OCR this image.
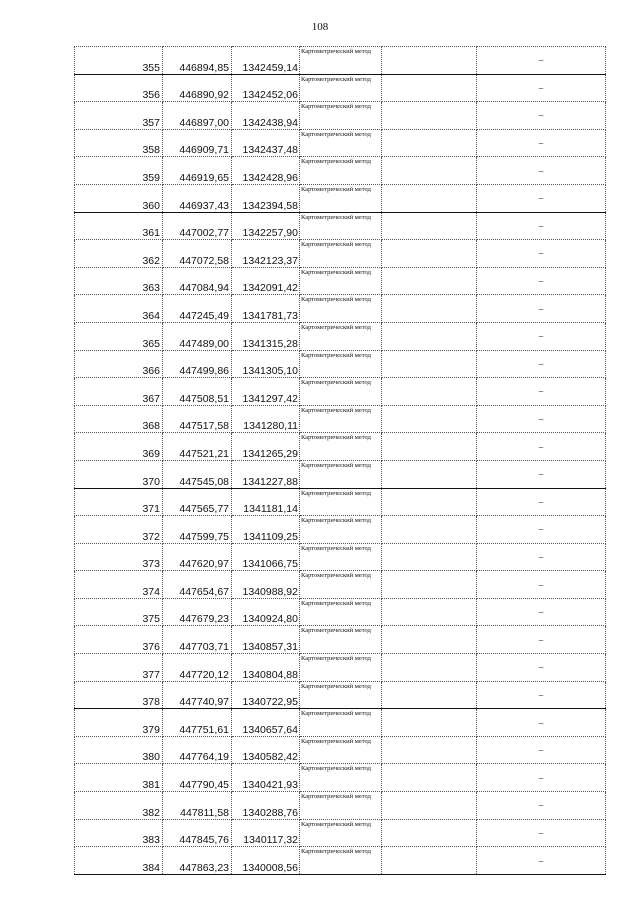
108
355	446894,85	1342459,14	Картометрический метод		–
356	446890,92	1342452,06	Картометрический метод		–
357	446897,00	1342438,94	Картометрический метод		–
358	446909,71	1342437,48	Картометрический метод		–
359	446919,65	1342428,96	Картометрический метод		–
360	446937,43	1342394,58	Картометрический метод		–
361	447002,77	1342257,90	Картометрический метод		–
362	447072,58	1342123,37	Картометрический метод		–
363	447084,94	1342091,42	Картометрический метод		–
364	447245,49	1341781,73	Картометрический метод		–
365	447489,00	1341315,28	Картометрический метод		–
366	447499,86	1341305,10	Картометрический метод		–
367	447508,51	1341297,42	Картометрический метод		–
368	447517,58	1341280,11	Картометрический метод		–
369	447521,21	1341265,29	Картометрический метод		–
370	447545,08	1341227,88	Картометрический метод		–
371	447565,77	1341181,14	Картометрический метод		–
372	447599,75	1341109,25	Картометрический метод		–
373	447620,97	1341066,75	Картометрический метод		–
374	447654,67	1340988,92	Картометрический метод		–
375	447679,23	1340924,80	Картометрический метод		–
376	447703,71	1340857,31	Картометрический метод		–
377	447720,12	1340804,88	Картометрический метод		–
378	447740,97	1340722,95	Картометрический метод		–
379	447751,61	1340657,64	Картометрический метод		–
380	447764,19	1340582,42	Картометрический метод		–
381	447790,45	1340421,93	Картометрический метод		–
382	447811,58	1340288,76	Картометрический метод		–
383	447845,76	1340117,32	Картометрический метод		–
384	447863,23	1340008,56	Картометрический метод		–
